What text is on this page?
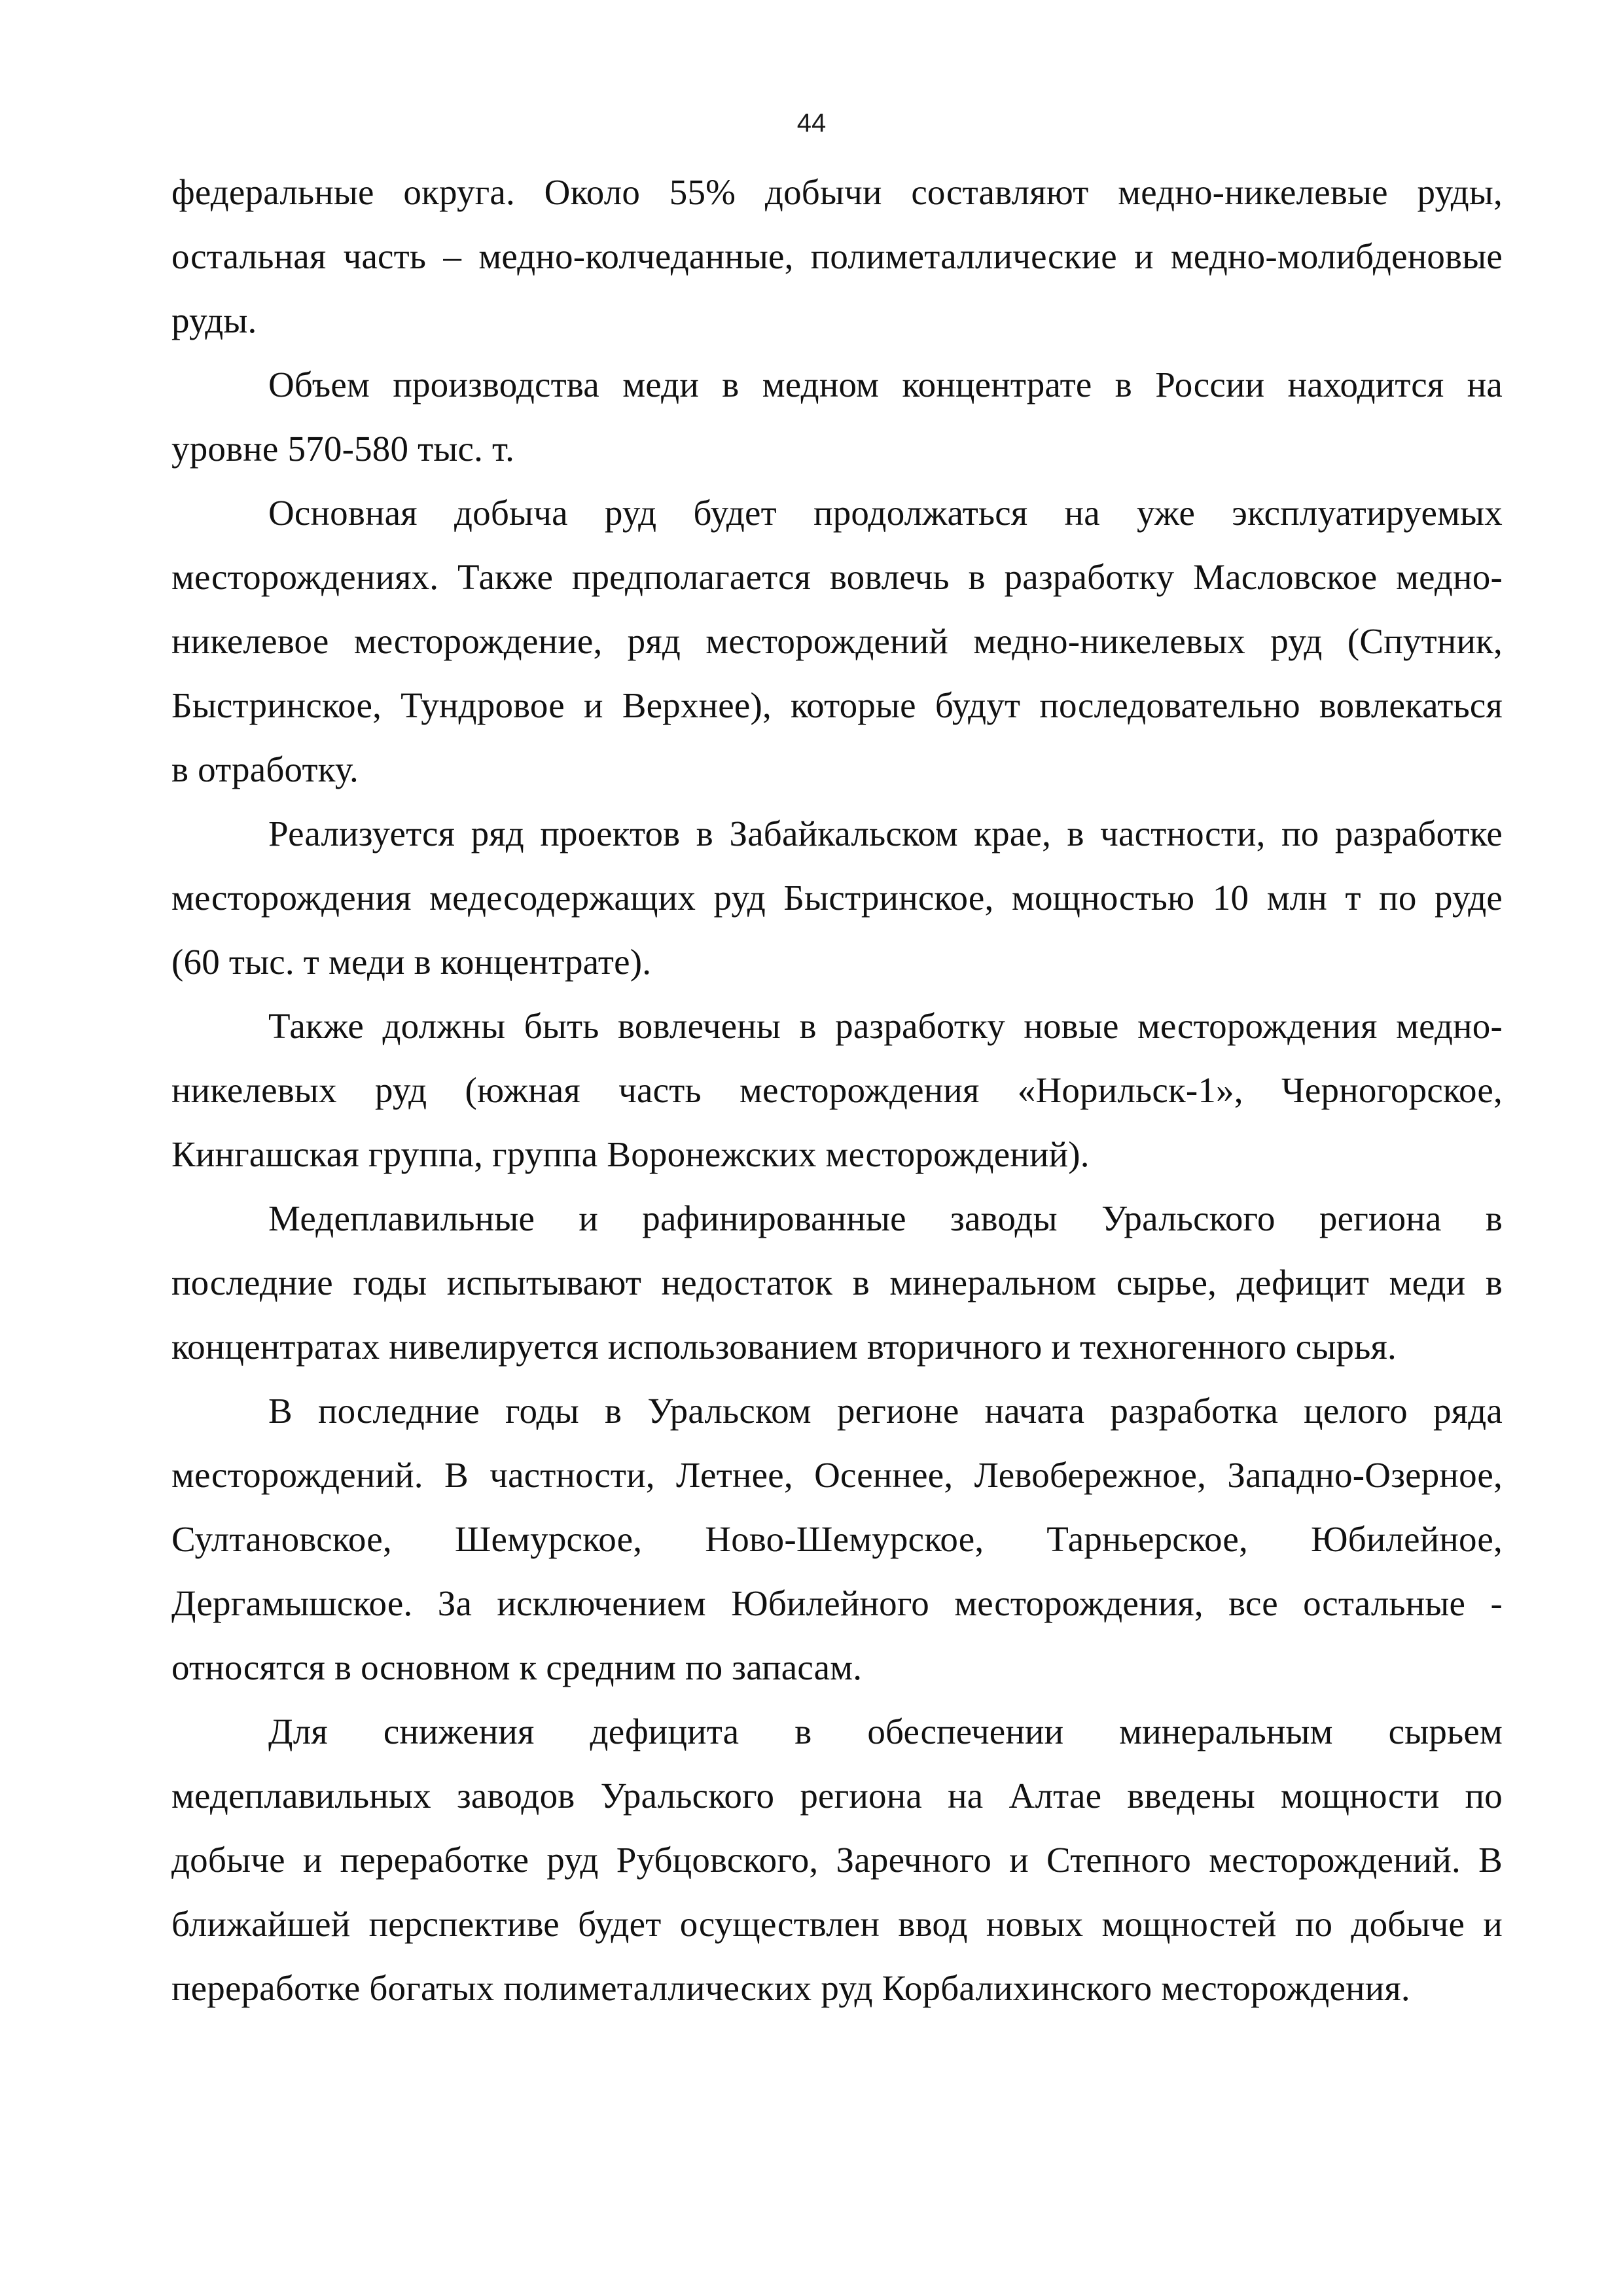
44

федеральные округа. Около 55% добычи составляют медно-никелевые руды,
остальная часть – медно-колчеданные, полиметаллические и медно-молибденовые
руды.

Объем производства меди в медном концентрате в России находится на
уровне 570-580 тыс. т.

Основная добыча руд будет продолжаться на уже эксплуатируемых
месторождениях. Также предполагается вовлечь в разработку Масловское медно-
никелевое месторождение, ряд месторождений медно-никелевых руд (Спутник,
Быстринское, Тундровое и Верхнее), которые будут последовательно вовлекаться
в отработку.

Реализуется ряд проектов в Забайкальском крае, в частности, по разработке
месторождения медесодержащих руд Быстринское, мощностью 10 млн т по руде
(60 тыс. т меди в концентрате).

Также должны быть вовлечены в разработку новые месторождения медно-
никелевых руд (южная часть месторождения «Норильск-1», Черногорское,
Кингашская группа, группа Воронежских месторождений).

Медеплавильные и рафинированные заводы Уральского региона в
последние годы испытывают недостаток в минеральном сырье, дефицит меди в
концентратах нивелируется использованием вторичного и техногенного сырья.

В последние годы в Уральском регионе начата разработка целого ряда
месторождений. В частности, Летнее, Осеннее, Левобережное, Западно-Озерное,
Султановское, Шемурское, Ново-Шемурское, Тарньерское, Юбилейное,
Дергамышское. За исключением Юбилейного месторождения, все остальные -
относятся в основном к средним по запасам.

Для снижения дефицита в обеспечении минеральным сырьем
медеплавильных заводов Уральского региона на Алтае введены мощности по
добыче и переработке руд Рубцовского, Заречного и Степного месторождений. В
ближайшей перспективе будет осуществлен ввод новых мощностей по добыче и
переработке богатых полиметаллических руд Корбалихинского месторождения.
